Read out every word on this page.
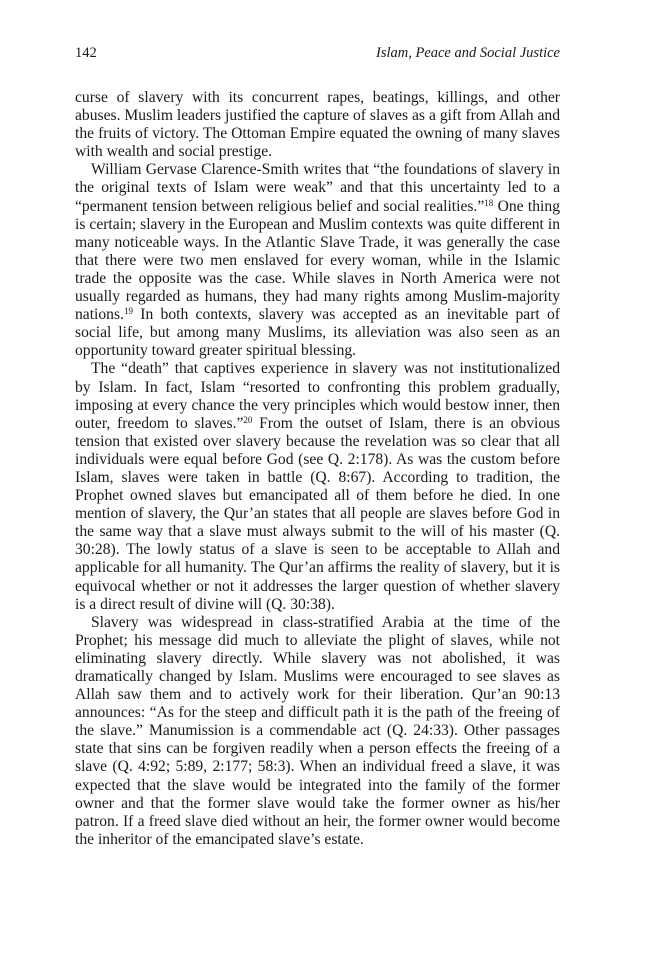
142	Islam, Peace and Social Justice

curse of slavery with its concurrent rapes, beatings, killings, and other abuses. Muslim leaders justified the capture of slaves as a gift from Allah and the fruits of victory. The Ottoman Empire equated the owning of many slaves with wealth and social prestige.

William Gervase Clarence-Smith writes that “the foundations of slavery in the original texts of Islam were weak” and that this uncertainty led to a “permanent tension between religious belief and social realities.”$^{18}$ One thing is certain; slavery in the European and Muslim contexts was quite different in many noticeable ways. In the Atlantic Slave Trade, it was generally the case that there were two men enslaved for every woman, while in the Islamic trade the opposite was the case. While slaves in North America were not usually regarded as humans, they had many rights among Muslim-majority nations.$^{19}$ In both contexts, slavery was accepted as an inevitable part of social life, but among many Muslims, its alleviation was also seen as an opportunity toward greater spiritual blessing.

The “death” that captives experience in slavery was not institutionalized by Islam. In fact, Islam “resorted to confronting this problem gradually, imposing at every chance the very principles which would bestow inner, then outer, freedom to slaves.”$^{20}$ From the outset of Islam, there is an obvious tension that existed over slavery because the revelation was so clear that all individuals were equal before God (see Q. 2:178). As was the custom before Islam, slaves were taken in battle (Q. 8:67). According to tradition, the Prophet owned slaves but emancipated all of them before he died. In one mention of slavery, the Qur’an states that all people are slaves before God in the same way that a slave must always submit to the will of his master (Q. 30:28). The lowly status of a slave is seen to be acceptable to Allah and applicable for all humanity. The Qur’an affirms the reality of slavery, but it is equivocal whether or not it addresses the larger question of whether slavery is a direct result of divine will (Q. 30:38).

Slavery was widespread in class-stratified Arabia at the time of the Prophet; his message did much to alleviate the plight of slaves, while not eliminating slavery directly. While slavery was not abolished, it was dramatically changed by Islam. Muslims were encouraged to see slaves as Allah saw them and to actively work for their liberation. Qur’an 90:13 announces: “As for the steep and difficult path it is the path of the freeing of the slave.” Manumission is a commendable act (Q. 24:33). Other passages state that sins can be forgiven readily when a person effects the freeing of a slave (Q. 4:92; 5:89, 2:177; 58:3). When an individual freed a slave, it was expected that the slave would be integrated into the family of the former owner and that the former slave would take the former owner as his/her patron. If a freed slave died without an heir, the former owner would become the inheritor of the emancipated slave’s estate.
